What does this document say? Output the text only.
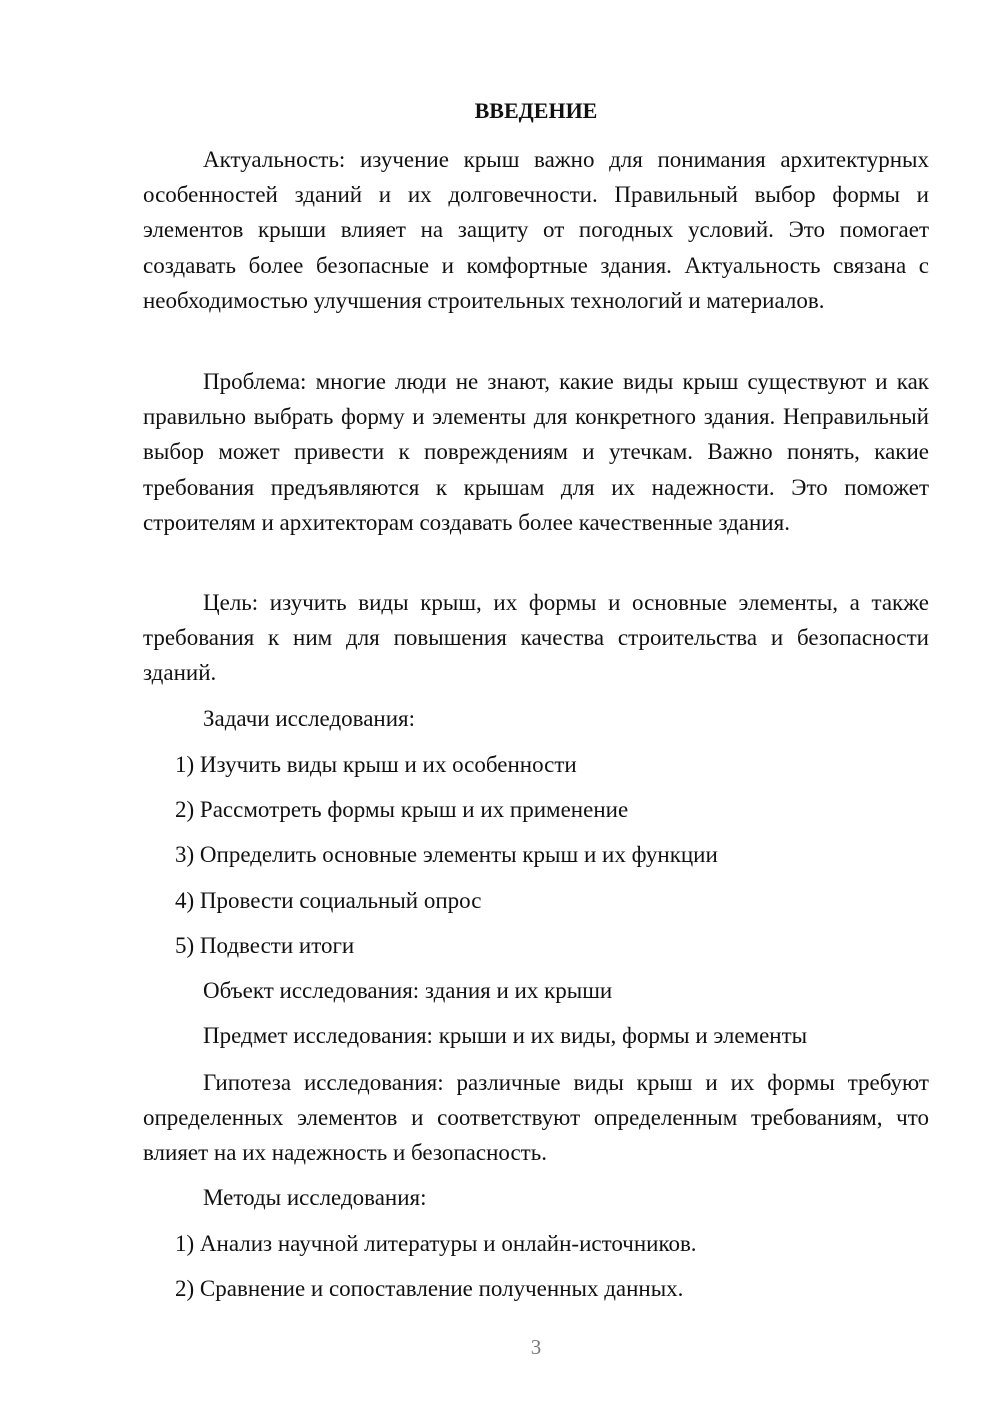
ВВЕДЕНИЕ

Актуальность: изучение крыш важно для понимания архитектурных особенностей зданий и их долговечности. Правильный выбор формы и элементов крыши влияет на защиту от погодных условий. Это помогает создавать более безопасные и комфортные здания. Актуальность связана с необходимостью улучшения строительных технологий и материалов.

Проблема: многие люди не знают, какие виды крыш существуют и как правильно выбрать форму и элементы для конкретного здания. Неправильный выбор может привести к повреждениям и утечкам. Важно понять, какие требования предъявляются к крышам для их надежности. Это поможет строителям и архитекторам создавать более качественные здания.

Цель: изучить виды крыш, их формы и основные элементы, а также требования к ним для повышения качества строительства и безопасности зданий.

Задачи исследования:
1) Изучить виды крыш и их особенности
2) Рассмотреть формы крыш и их применение
3) Определить основные элементы крыш и их функции
4) Провести социальный опрос
5) Подвести итоги
Объект исследования: здания и их крыши
Предмет исследования: крыши и их виды, формы и элементы

Гипотеза исследования: различные виды крыш и их формы требуют определенных элементов и соответствуют определенным требованиям, что влияет на их надежность и безопасность.

Методы исследования:
1) Анализ научной литературы и онлайн-источников.
2) Сравнение и сопоставление полученных данных.
3
